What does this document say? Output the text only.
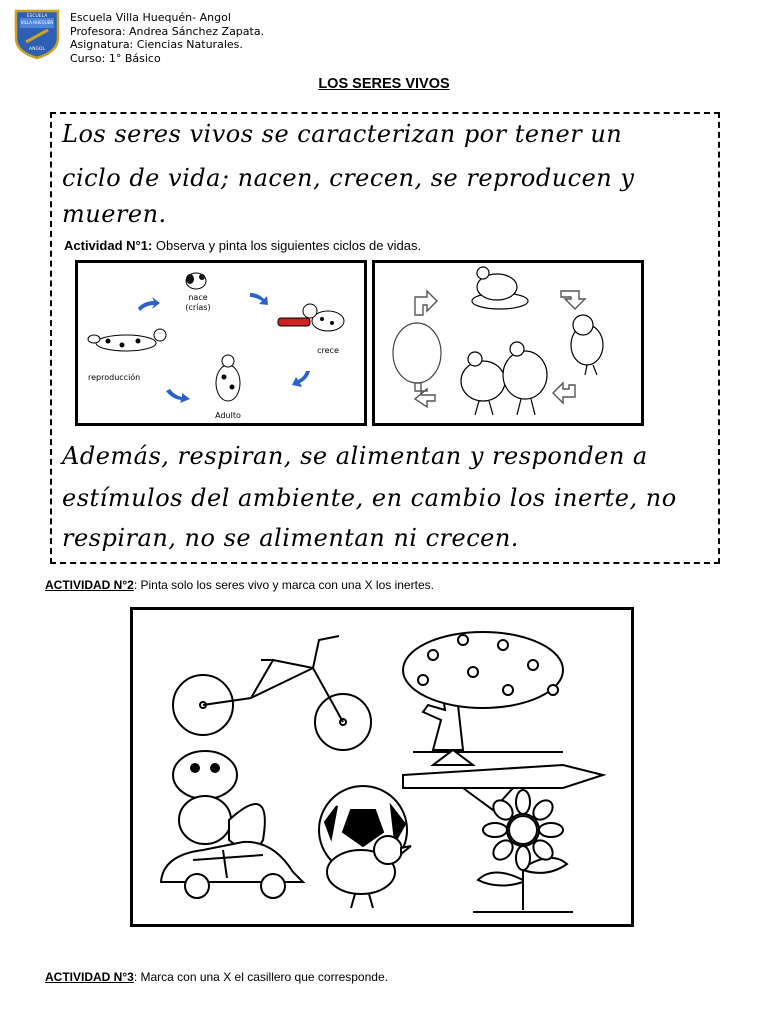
ESCUELA
VILLA HUEQUÉN
ANGOL
Escuela Villa Huequén- Angol
Profesora: Andrea Sánchez Zapata.
Asignatura: Ciencias Naturales.
Curso: 1° Básico
LOS SERES VIVOS
Los seres vivos se caracterizan por tener un
ciclo de vida; nacen, crecen, se reproducen y
mueren.
Actividad N°1: Observa y pinta los siguientes ciclos de vidas.
nace
(crías)
crece
Adulto
reproducción
Además, respiran, se alimentan y responden a
estímulos del ambiente, en cambio los inerte, no
respiran, no se alimentan ni crecen.
ACTIVIDAD N°2: Pinta solo los seres vivo y marca con una X los inertes.
ACTIVIDAD N°3: Marca con una X el casillero que corresponde.
